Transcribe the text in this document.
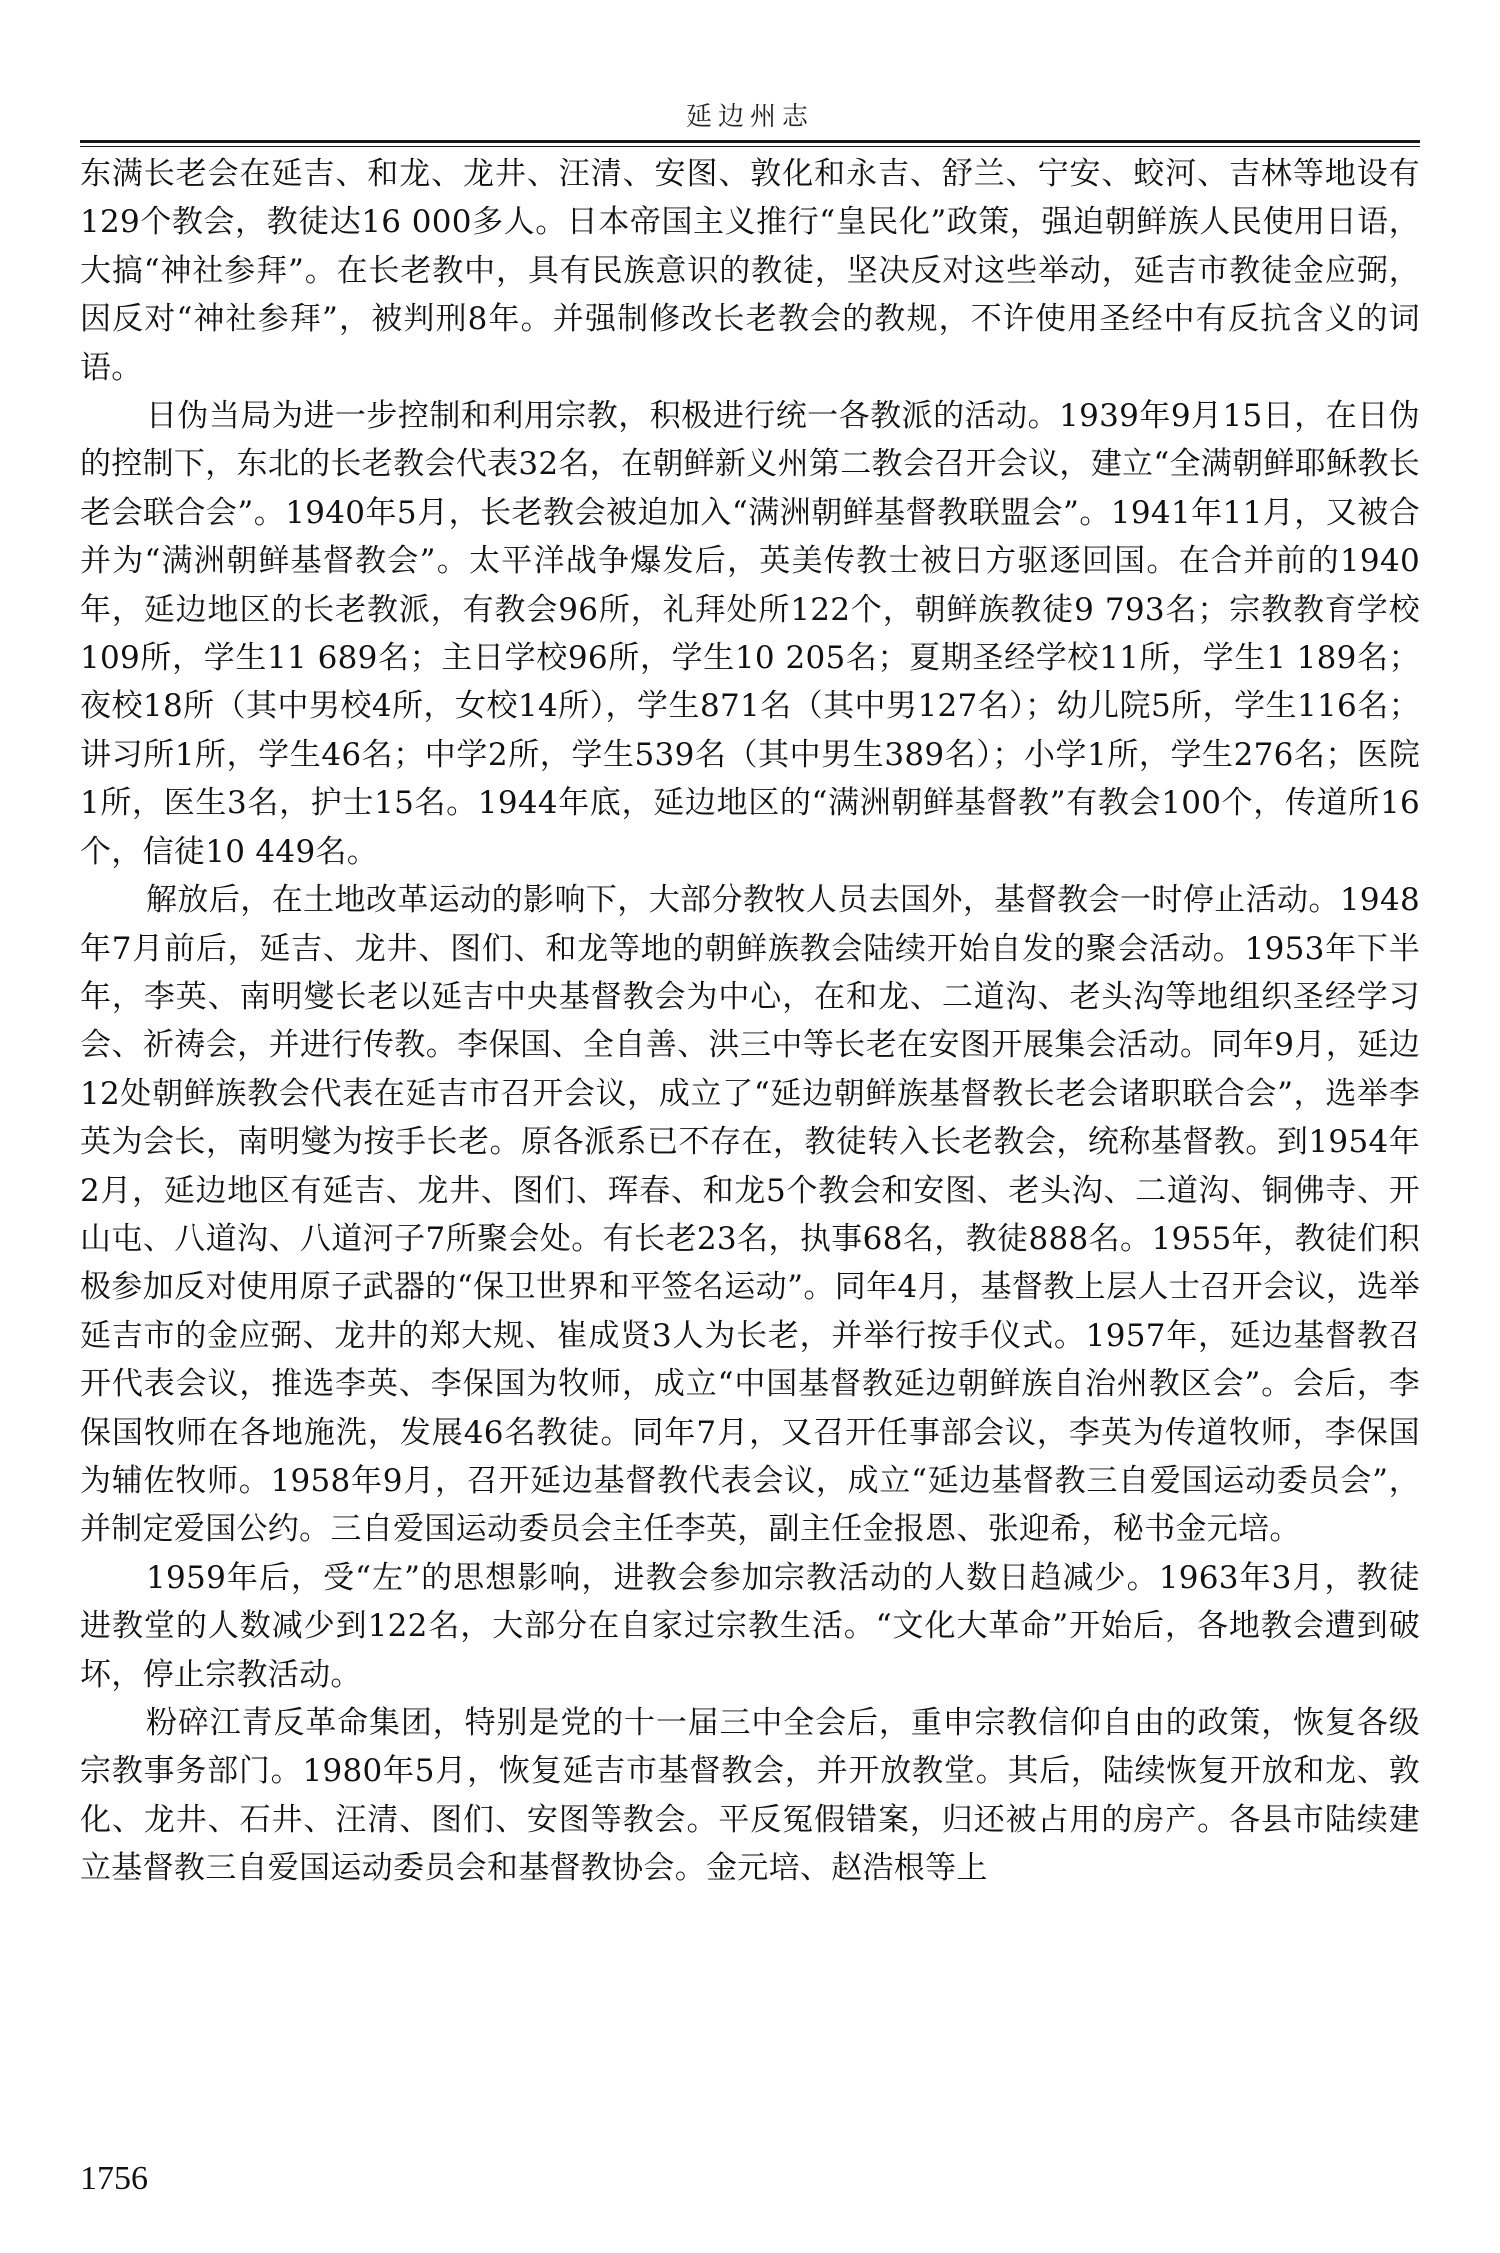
延边州志

东满长老会在延吉、和龙、龙井、汪清、安图、敦化和永吉、舒兰、宁安、蛟河、吉林等地设有129个教会，教徒达16 000多人。日本帝国主义推行“皇民化”政策，强迫朝鲜族人民使用日语，大搞“神社参拜”。在长老教中，具有民族意识的教徒，坚决反对这些举动，延吉市教徒金应弼，因反对“神社参拜”，被判刑8年。并强制修改长老教会的教规，不许使用圣经中有反抗含义的词语。

日伪当局为进一步控制和利用宗教，积极进行统一各教派的活动。1939年9月15日，在日伪的控制下，东北的长老教会代表32名，在朝鲜新义州第二教会召开会议，建立“全满朝鲜耶稣教长老会联合会”。1940年5月，长老教会被迫加入“满洲朝鲜基督教联盟会”。1941年11月，又被合并为“满洲朝鲜基督教会”。太平洋战争爆发后，英美传教士被日方驱逐回国。在合并前的1940年，延边地区的长老教派，有教会96所，礼拜处所122个，朝鲜族教徒9 793名；宗教教育学校109所，学生11 689名；主日学校96所，学生10 205名；夏期圣经学校11所，学生1 189名；夜校18所（其中男校4所，女校14所），学生871名（其中男127名）；幼儿院5所，学生116名；讲习所1所，学生46名；中学2所，学生539名（其中男生389名）；小学1所，学生276名；医院1所，医生3名，护士15名。1944年底，延边地区的“满洲朝鲜基督教”有教会100个，传道所16个，信徒10 449名。

解放后，在土地改革运动的影响下，大部分教牧人员去国外，基督教会一时停止活动。1948年7月前后，延吉、龙井、图们、和龙等地的朝鲜族教会陆续开始自发的聚会活动。1953年下半年，李英、南明燮长老以延吉中央基督教会为中心，在和龙、二道沟、老头沟等地组织圣经学习会、祈祷会，并进行传教。李保国、全自善、洪三中等长老在安图开展集会活动。同年9月，延边12处朝鲜族教会代表在延吉市召开会议，成立了“延边朝鲜族基督教长老会诸职联合会”，选举李英为会长，南明燮为按手长老。原各派系已不存在，教徒转入长老教会，统称基督教。到1954年2月，延边地区有延吉、龙井、图们、珲春、和龙5个教会和安图、老头沟、二道沟、铜佛寺、开山屯、八道沟、八道河子7所聚会处。有长老23名，执事68名，教徒888名。1955年，教徒们积极参加反对使用原子武器的“保卫世界和平签名运动”。同年4月，基督教上层人士召开会议，选举延吉市的金应弼、龙井的郑大规、崔成贤3人为长老，并举行按手仪式。1957年，延边基督教召开代表会议，推选李英、李保国为牧师，成立“中国基督教延边朝鲜族自治州教区会”。会后，李保国牧师在各地施洗，发展46名教徒。同年7月，又召开任事部会议，李英为传道牧师，李保国为辅佐牧师。1958年9月，召开延边基督教代表会议，成立“延边基督教三自爱国运动委员会”，并制定爱国公约。三自爱国运动委员会主任李英，副主任金报恩、张迎希，秘书金元培。

1959年后，受“左”的思想影响，进教会参加宗教活动的人数日趋减少。1963年3月，教徒进教堂的人数减少到122名，大部分在自家过宗教生活。“文化大革命”开始后，各地教会遭到破坏，停止宗教活动。

粉碎江青反革命集团，特别是党的十一届三中全会后，重申宗教信仰自由的政策，恢复各级宗教事务部门。1980年5月，恢复延吉市基督教会，并开放教堂。其后，陆续恢复开放和龙、敦化、龙井、石井、汪清、图们、安图等教会。平反冤假错案，归还被占用的房产。各县市陆续建立基督教三自爱国运动委员会和基督教协会。金元培、赵浩根等上

1756
